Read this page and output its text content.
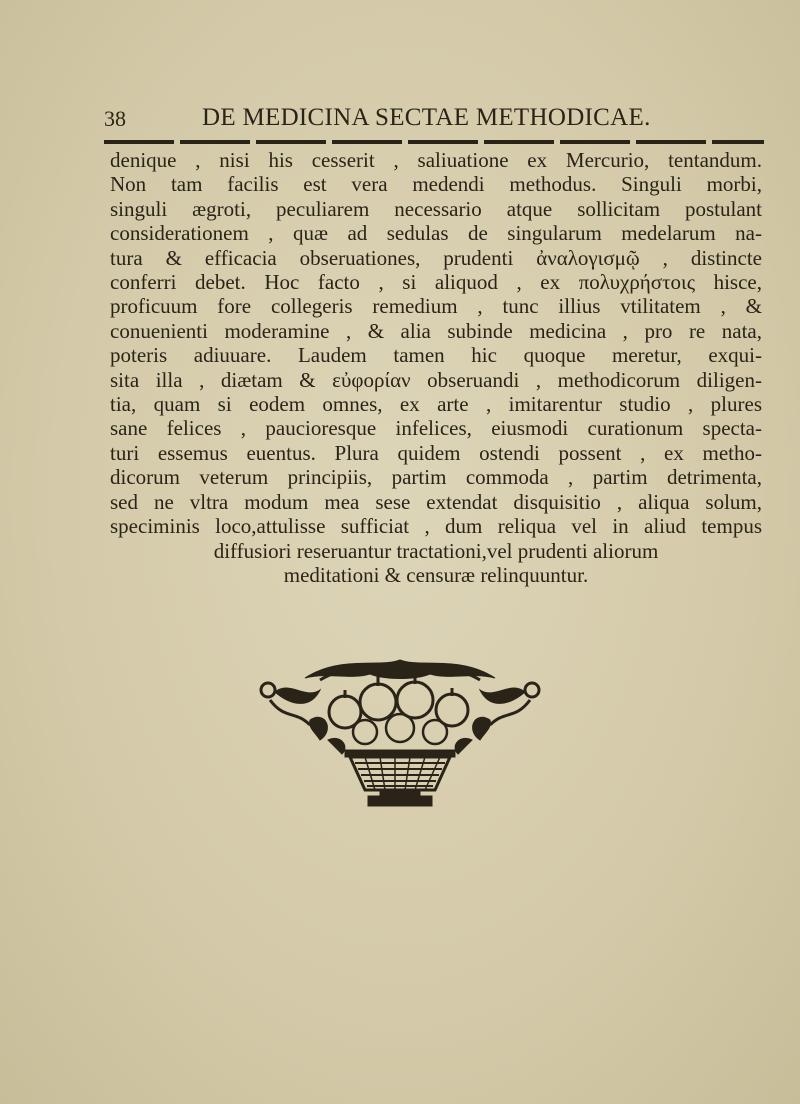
38	DE MEDICINA SECTAE METHODICAE.
denique , nisi his cesserit , saliuatione ex Mercurio, tentandum.
Non tam facilis est vera medendi methodus. Singuli morbi,
singuli ægroti, peculiarem necessario atque sollicitam postulant
considerationem , quæ ad sedulas de singularum medelarum na-
tura & efficacia obseruationes, prudenti ἀναλογισμῷ , distincte
conferri debet. Hoc facto , si aliquod , ex πολυχρήστοις hisce,
proficuum fore collegeris remedium , tunc illius vtilitatem , &
conuenienti moderamine , & alia subinde medicina , pro re nata,
poteris adiuuare. Laudem tamen hic quoque meretur, exqui-
sita illa , diætam & εὐφορίαν obseruandi , methodicorum diligen-
tia, quam si eodem omnes, ex arte , imitarentur studio , plures
sane felices , paucioresque infelices, eiusmodi curationum specta-
turi essemus euentus. Plura quidem ostendi possent , ex metho-
dicorum veterum principiis, partim commoda , partim detrimenta,
sed ne vltra modum mea sese extendat disquisitio , aliqua solum,
speciminis loco,attulisse sufficiat , dum reliqua vel in aliud tempus
diffusiori reseruantur tractationi,vel prudenti aliorum
meditationi & censuræ relinquuntur.
